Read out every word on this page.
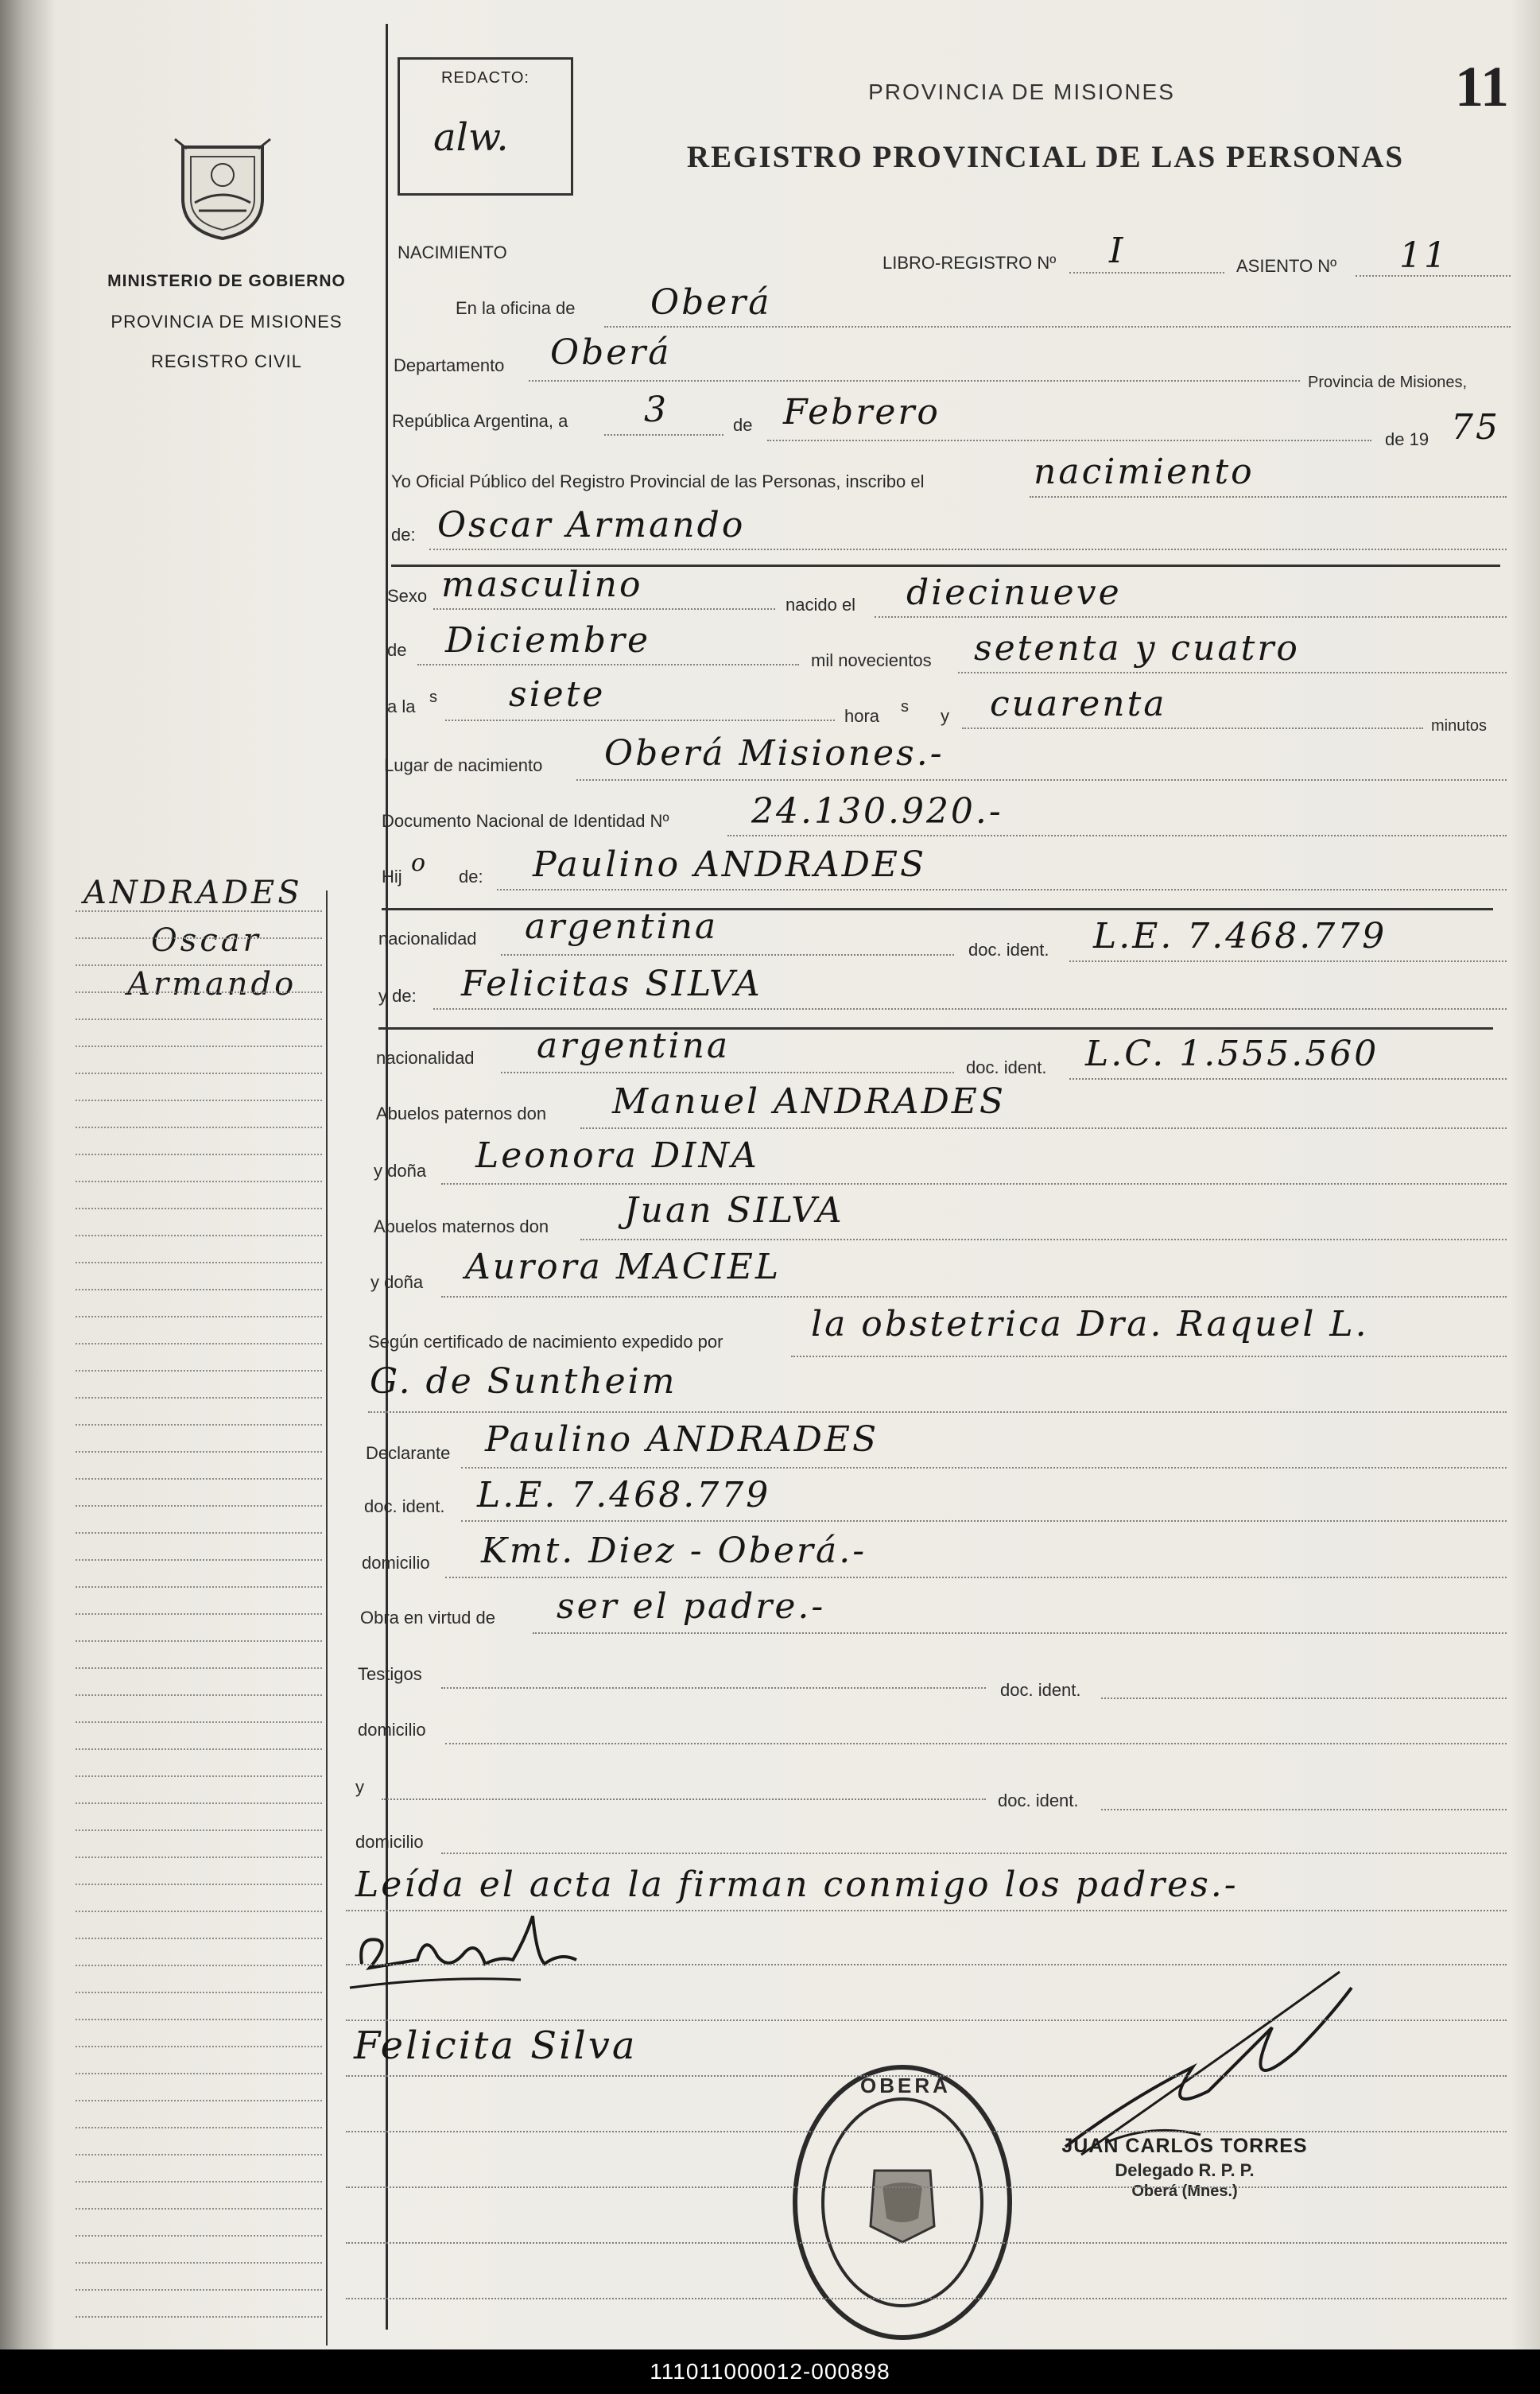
MINISTERIO DE GOBIERNO
PROVINCIA DE MISIONES
REGISTRO CIVIL
ANDRADES
Oscar
Armando
REDACTO:
alw.
PROVINCIA DE MISIONES
REGISTRO PROVINCIAL DE LAS PERSONAS
11
NACIMIENTO
LIBRO-REGISTRO Nº I	ASIENTO Nº 11
En la oficina de Oberá
Departamento Oberá
Provincia de Misiones,
República Argentina, a 3	de Febrero
de 19 75
Yo Oficial Público del Registro Provincial de las Personas, inscribo el	nacimiento
de: Oscar Armando
Sexo masculino	nacido el diecinueve
de Diciembre	mil novecientos setenta y cuatro
a la s siete
hora s y cuarenta
minutos
Lugar de nacimiento Oberá Misiones.-
Documento Nacional de Identidad Nº 24.130.920.-
Hij o de: Paulino ANDRADES
nacionalidad argentina
doc. ident. L.E. 7.468.779
y de: Felicitas SILVA
nacionalidad argentina
doc. ident. L.C. 1.555.560
Abuelos paternos don Manuel ANDRADES
y doña Leonora DINA
Abuelos maternos don Juan SILVA
y doña Aurora MACIEL
Según certificado de nacimiento expedido por	la obstetrica Dra. Raquel L.
G. de Suntheim
Declarante Paulino ANDRADES
doc. ident. L.E. 7.468.779
domicilio Kmt. Diez - Oberá.-
Obra en virtud de ser el padre.-
Testigos
doc. ident.
domicilio
y
doc. ident.
domicilio
Leída el acta la firman conmigo los padres.-
Felicita Silva
OBERA
JUAN CARLOS TORRES
Delegado R. P. P.
Oberá (Mnes.)
111011000012-000898
